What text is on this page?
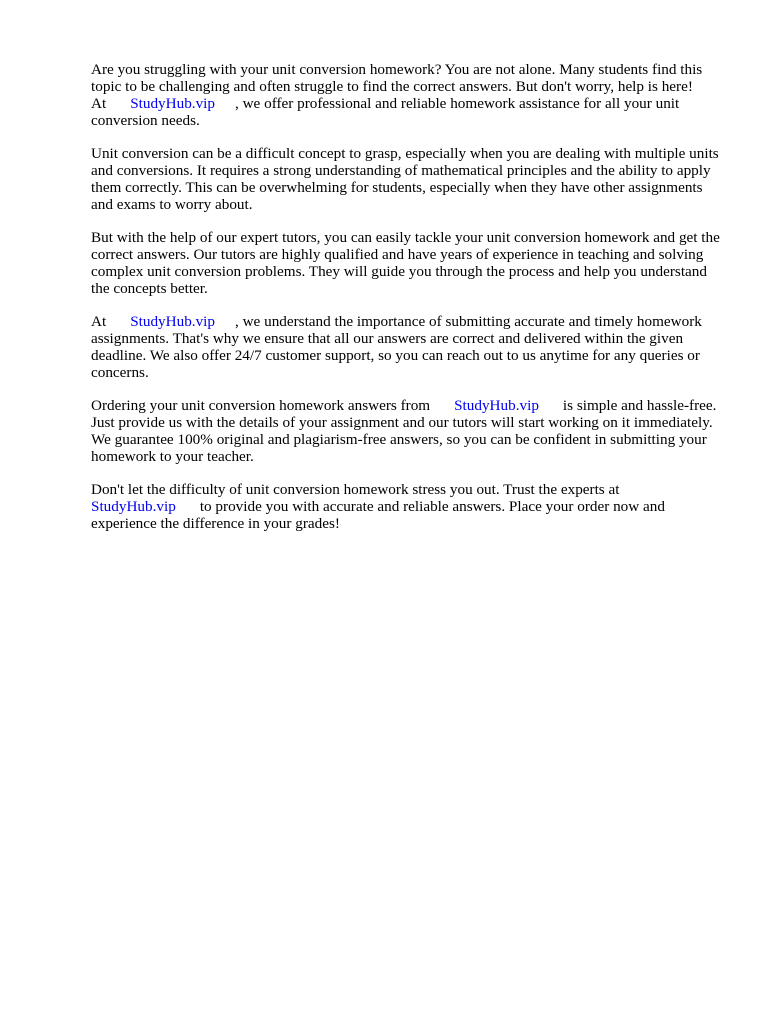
Are you struggling with your unit conversion homework? You are not alone. Many students find this topic to be challenging and often struggle to find the correct answers. But don't worry, help is here!
At StudyHub.vip , we offer professional and reliable homework assistance for all your unit conversion needs.

Unit conversion can be a difficult concept to grasp, especially when you are dealing with multiple units and conversions. It requires a strong understanding of mathematical principles and the ability to apply them correctly. This can be overwhelming for students, especially when they have other assignments and exams to worry about.

But with the help of our expert tutors, you can easily tackle your unit conversion homework and get the correct answers. Our tutors are highly qualified and have years of experience in teaching and solving complex unit conversion problems. They will guide you through the process and help you understand the concepts better.

At StudyHub.vip , we understand the importance of submitting accurate and timely homework assignments. That's why we ensure that all our answers are correct and delivered within the given deadline. We also offer 24/7 customer support, so you can reach out to us anytime for any queries or concerns.

Ordering your unit conversion homework answers from StudyHub.vip is simple and hassle-free. Just provide us with the details of your assignment and our tutors will start working on it immediately. We guarantee 100% original and plagiarism-free answers, so you can be confident in submitting your homework to your teacher.

Don't let the difficulty of unit conversion homework stress you out. Trust the experts at
StudyHub.vip to provide you with accurate and reliable answers. Place your order now and experience the difference in your grades!
